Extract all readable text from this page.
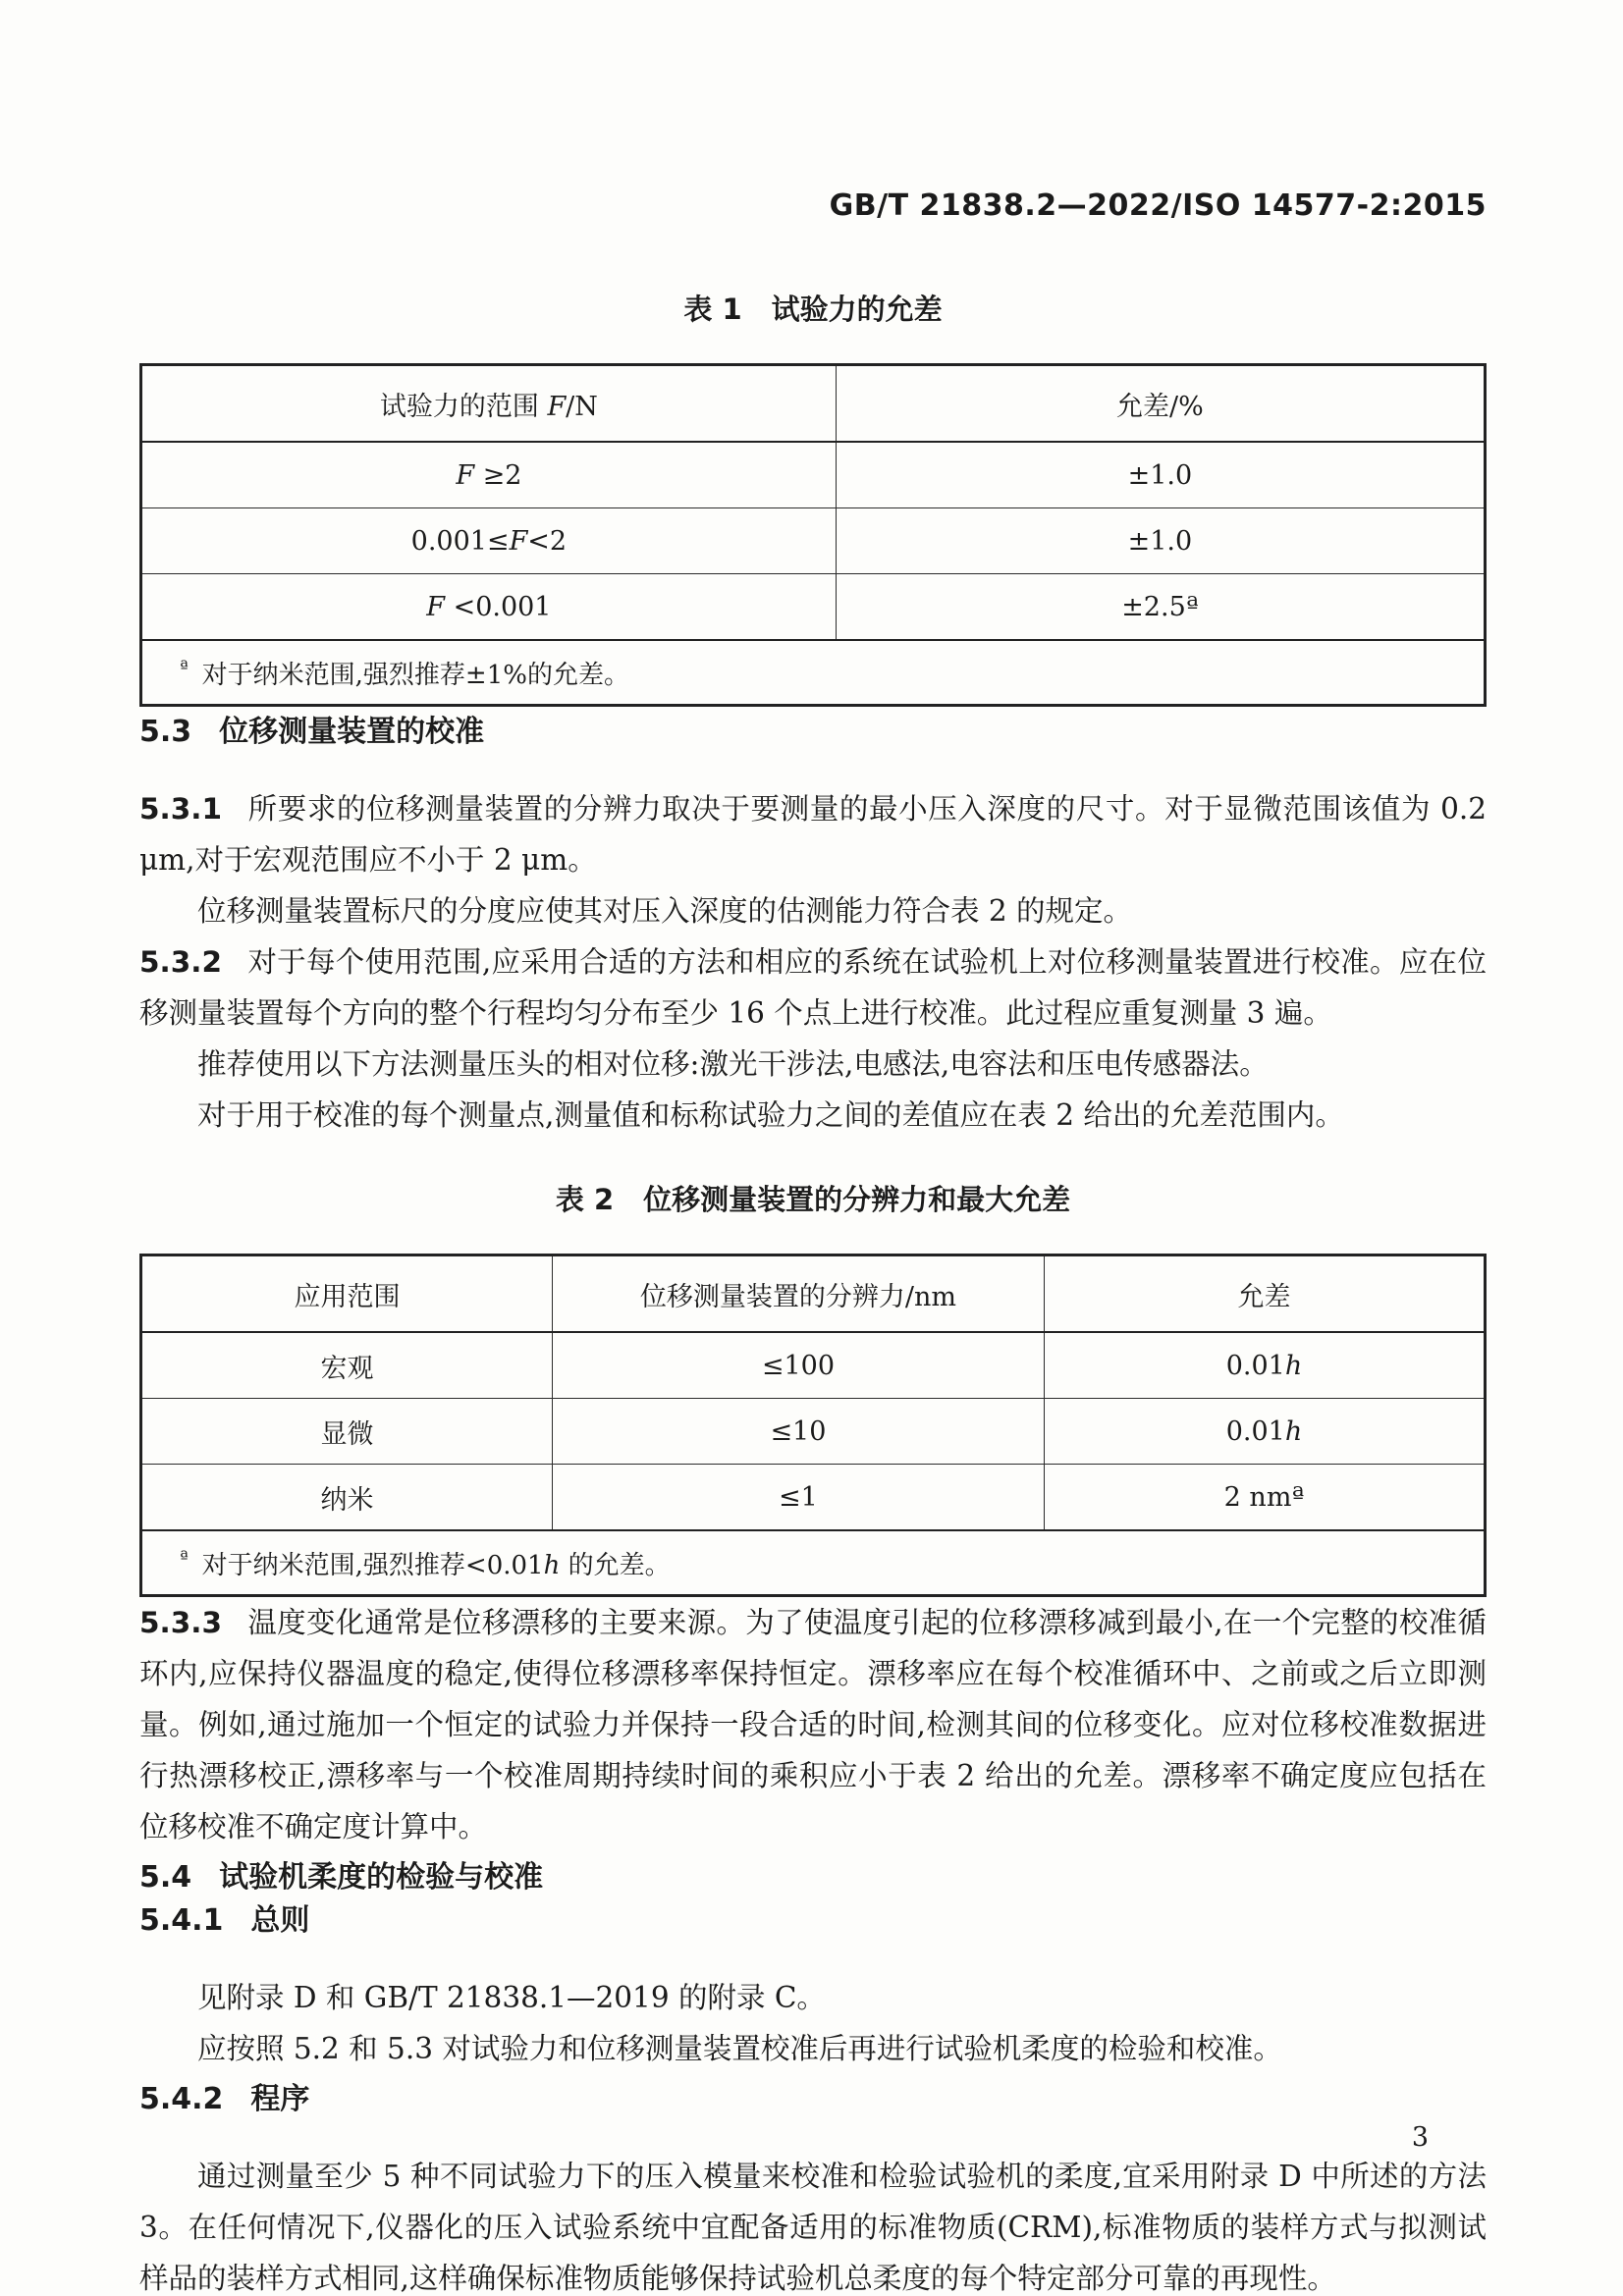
GB/T 21838.2—2022/ISO 14577-2:2015
表 1 试验力的允差
试验力的范围 F/N	允差/%
F ≥2	±1.0
0.001≤F<2	±1.0
F <0.001	±2.5ª
$^ª$ 对于纳米范围,强烈推荐±1%的允差。	
5.3 位移测量装置的校准

5.3.1 所要求的位移测量装置的分辨力取决于要测量的最小压入深度的尺寸。对于显微范围该值为 0.2 μm,对于宏观范围应不小于 2 μm。

位移测量装置标尺的分度应使其对压入深度的估测能力符合表 2 的规定。

5.3.2 对于每个使用范围,应采用合适的方法和相应的系统在试验机上对位移测量装置进行校准。应在位移测量装置每个方向的整个行程均匀分布至少 16 个点上进行校准。此过程应重复测量 3 遍。

推荐使用以下方法测量压头的相对位移:激光干涉法,电感法,电容法和压电传感器法。

对于用于校准的每个测量点,测量值和标称试验力之间的差值应在表 2 给出的允差范围内。

表 2 位移测量装置的分辨力和最大允差
应用范围	位移测量装置的分辨力/nm	允差
宏观	≤100	0.01h
显微	≤10	0.01h
纳米	≤1	2 nmª
$^ª$ 对于纳米范围,强烈推荐<0.01h 的允差。		

5.3.3 温度变化通常是位移漂移的主要来源。为了使温度引起的位移漂移减到最小,在一个完整的校准循环内,应保持仪器温度的稳定,使得位移漂移率保持恒定。漂移率应在每个校准循环中、之前或之后立即测量。例如,通过施加一个恒定的试验力并保持一段合适的时间,检测其间的位移变化。应对位移校准数据进行热漂移校正,漂移率与一个校准周期持续时间的乘积应小于表 2 给出的允差。漂移率不确定度应包括在位移校准不确定度计算中。

5.4 试验机柔度的检验与校准
5.4.1 总则

见附录 D 和 GB/T 21838.1—2019 的附录 C。

应按照 5.2 和 5.3 对试验力和位移测量装置校准后再进行试验机柔度的检验和校准。

5.4.2 程序

通过测量至少 5 种不同试验力下的压入模量来校准和检验试验机的柔度,宜采用附录 D 中所述的方法 3。在任何情况下,仪器化的压入试验系统中宜配备适用的标准物质(CRM),标准物质的装样方式与拟测试样品的装样方式相同,这样确保标准物质能够保持试验机总柔度的每个特定部分可靠的再现性。

3
